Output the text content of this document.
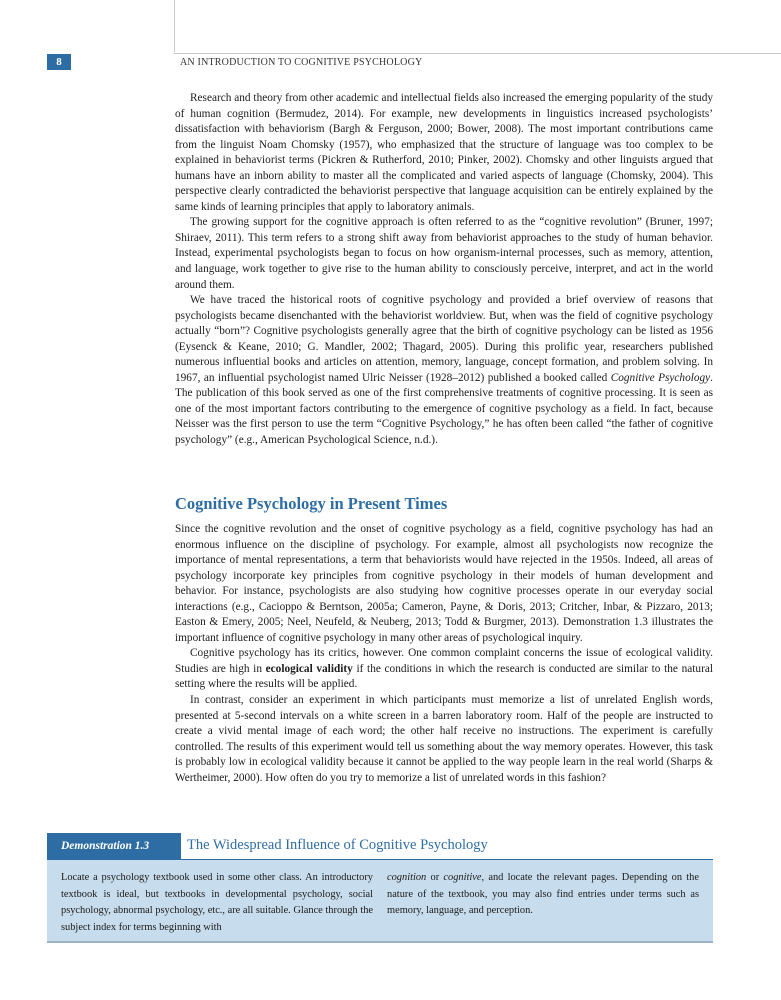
8	AN INTRODUCTION TO COGNITIVE PSYCHOLOGY

Research and theory from other academic and intellectual fields also increased the emerging popularity of the study of human cognition (Bermudez, 2014). For example, new developments in linguistics increased psychologists’ dissatisfaction with behaviorism (Bargh & Ferguson, 2000; Bower, 2008). The most important contributions came from the linguist Noam Chomsky (1957), who emphasized that the structure of language was too complex to be explained in behaviorist terms (Pickren & Rutherford, 2010; Pinker, 2002). Chomsky and other linguists argued that humans have an inborn ability to master all the complicated and varied aspects of language (Chomsky, 2004). This perspective clearly contradicted the behaviorist perspective that language acquisition can be entirely explained by the same kinds of learning principles that apply to laboratory animals.

The growing support for the cognitive approach is often referred to as the “cognitive revolution” (Bruner, 1997; Shiraev, 2011). This term refers to a strong shift away from behaviorist approaches to the study of human behavior. Instead, experimental psychologists began to focus on how organism-internal processes, such as memory, attention, and language, work together to give rise to the human ability to consciously perceive, interpret, and act in the world around them.

We have traced the historical roots of cognitive psychology and provided a brief overview of reasons that psychologists became disenchanted with the behaviorist worldview. But, when was the field of cognitive psychology actually “born”? Cognitive psychologists generally agree that the birth of cognitive psychology can be listed as 1956 (Eysenck & Keane, 2010; G. Mandler, 2002; Thagard, 2005). During this prolific year, researchers published numerous influential books and articles on attention, memory, language, concept formation, and problem solving. In 1967, an influential psychologist named Ulric Neisser (1928–2012) published a booked called Cognitive Psychology. The publication of this book served as one of the first comprehensive treatments of cognitive processing. It is seen as one of the most important factors contributing to the emergence of cognitive psychology as a field. In fact, because Neisser was the first person to use the term “Cognitive Psychology,” he has often been called “the father of cognitive psychology” (e.g., American Psychological Science, n.d.).

Cognitive Psychology in Present Times

Since the cognitive revolution and the onset of cognitive psychology as a field, cognitive psychology has had an enormous influence on the discipline of psychology. For example, almost all psychologists now recognize the importance of mental representations, a term that behaviorists would have rejected in the 1950s. Indeed, all areas of psychology incorporate key principles from cognitive psychology in their models of human development and behavior. For instance, psychologists are also studying how cognitive processes operate in our everyday social interactions (e.g., Cacioppo & Berntson, 2005a; Cameron, Payne, & Doris, 2013; Critcher, Inbar, & Pizzaro, 2013; Easton & Emery, 2005; Neel, Neufeld, & Neuberg, 2013; Todd & Burgmer, 2013). Demonstration 1.3 illustrates the important influence of cognitive psychology in many other areas of psychological inquiry.

Cognitive psychology has its critics, however. One common complaint concerns the issue of ecological validity. Studies are high in ecological validity if the conditions in which the research is conducted are similar to the natural setting where the results will be applied.

In contrast, consider an experiment in which participants must memorize a list of unrelated English words, presented at 5-second intervals on a white screen in a barren laboratory room. Half of the people are instructed to create a vivid mental image of each word; the other half receive no instructions. The experiment is carefully controlled. The results of this experiment would tell us something about the way memory operates. However, this task is probably low in ecological validity because it cannot be applied to the way people learn in the real world (Sharps & Wertheimer, 2000). How often do you try to memorize a list of unrelated words in this fashion?

Demonstration 1.3	The Widespread Influence of Cognitive Psychology
Locate a psychology textbook used in some other class. An introductory textbook is ideal, but textbooks in developmental psychology, social psychology, abnormal psychology, etc., are all suitable. Glance through the subject index for terms beginning with
cognition or cognitive, and locate the relevant pages. Depending on the nature of the textbook, you may also find entries under terms such as memory, language, and perception.
